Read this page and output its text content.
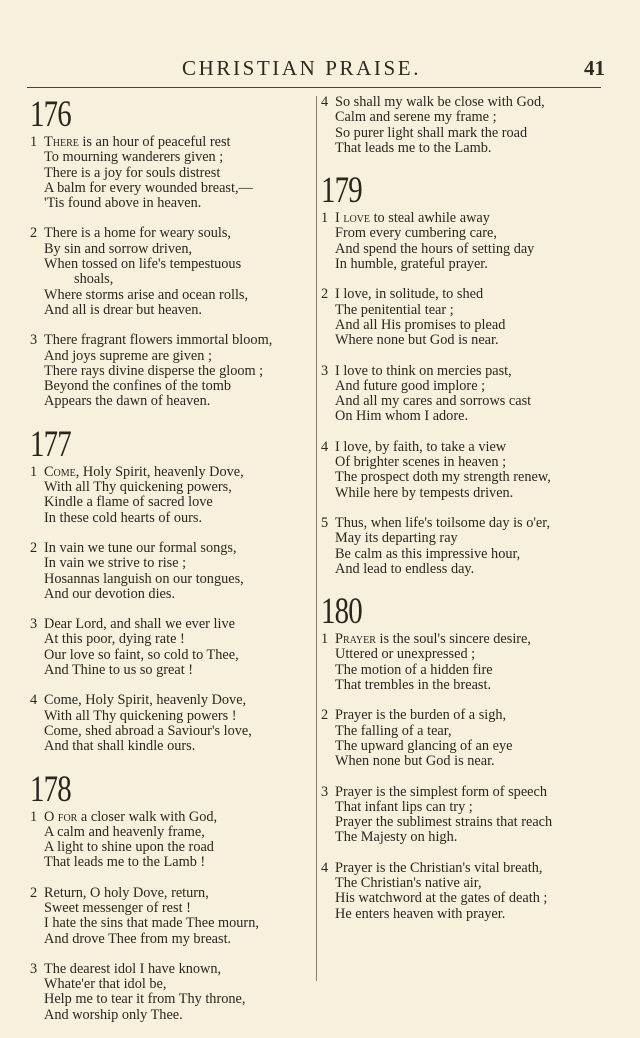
CHRISTIAN PRAISE.	41
176
1 There is an hour of peaceful rest
To mourning wanderers given ;
There is a joy for souls distrest
A balm for every wounded breast,—
'Tis found above in heaven.
2 There is a home for weary souls,
By sin and sorrow driven,
When tossed on life's tempestuous
shoals,
Where storms arise and ocean rolls,
And all is drear but heaven.
3 There fragrant flowers immortal bloom,
And joys supreme are given ;
There rays divine disperse the gloom ;
Beyond the confines of the tomb
Appears the dawn of heaven.
177
1 Come, Holy Spirit, heavenly Dove,
With all Thy quickening powers,
Kindle a flame of sacred love
In these cold hearts of ours.
2 In vain we tune our formal songs,
In vain we strive to rise ;
Hosannas languish on our tongues,
And our devotion dies.
3 Dear Lord, and shall we ever live
At this poor, dying rate !
Our love so faint, so cold to Thee,
And Thine to us so great !
4 Come, Holy Spirit, heavenly Dove,
With all Thy quickening powers !
Come, shed abroad a Saviour's love,
And that shall kindle ours.
178
1 O for a closer walk with God,
A calm and heavenly frame,
A light to shine upon the road
That leads me to the Lamb !
2 Return, O holy Dove, return,
Sweet messenger of rest !
I hate the sins that made Thee mourn,
And drove Thee from my breast.
3 The dearest idol I have known,
Whate'er that idol be,
Help me to tear it from Thy throne,
And worship only Thee.
4 So shall my walk be close with God,
Calm and serene my frame ;
So purer light shall mark the road
That leads me to the Lamb.
179
1 I love to steal awhile away
From every cumbering care,
And spend the hours of setting day
In humble, grateful prayer.
2 I love, in solitude, to shed
The penitential tear ;
And all His promises to plead
Where none but God is near.
3 I love to think on mercies past,
And future good implore ;
And all my cares and sorrows cast
On Him whom I adore.
4 I love, by faith, to take a view
Of brighter scenes in heaven ;
The prospect doth my strength renew,
While here by tempests driven.
5 Thus, when life's toilsome day is o'er,
May its departing ray
Be calm as this impressive hour,
And lead to endless day.
180
1 Prayer is the soul's sincere desire,
Uttered or unexpressed ;
The motion of a hidden fire
That trembles in the breast.
2 Prayer is the burden of a sigh,
The falling of a tear,
The upward glancing of an eye
When none but God is near.
3 Prayer is the simplest form of speech
That infant lips can try ;
Prayer the sublimest strains that reach
The Majesty on high.
4 Prayer is the Christian's vital breath,
The Christian's native air,
His watchword at the gates of death ;
He enters heaven with prayer.
